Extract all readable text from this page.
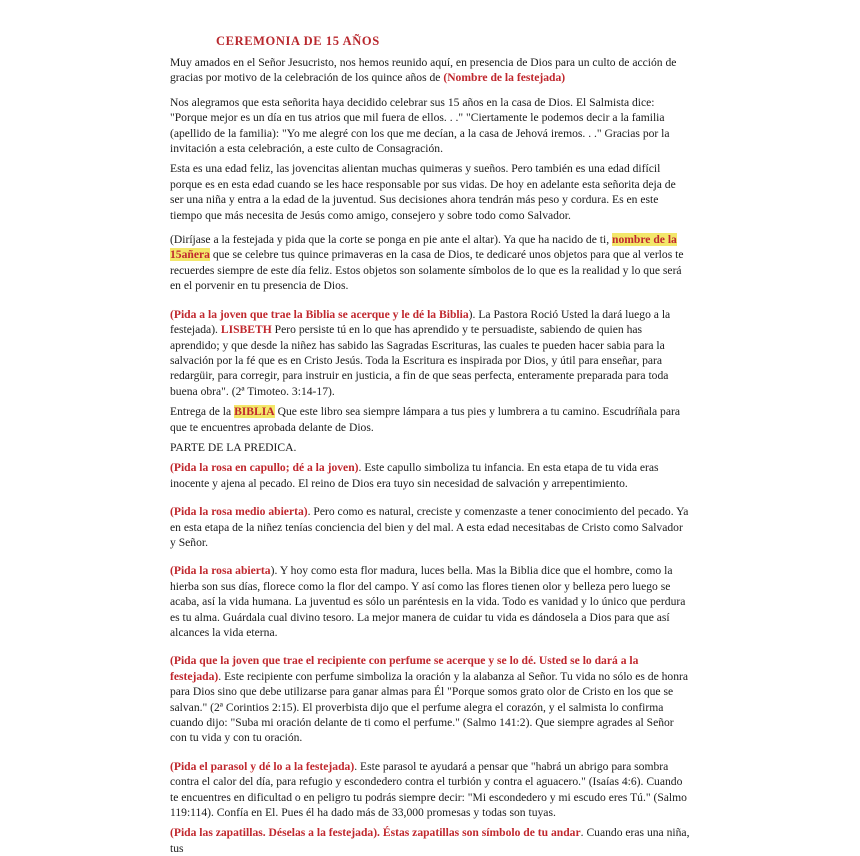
CEREMONIA DE 15 AÑOS

Muy amados en el Señor Jesucristo, nos hemos reunido aquí, en presencia de Dios para un culto de acción de gracias por motivo de la celebración de los quince años de (Nombre de la festejada)

Nos alegramos que esta señorita haya decidido celebrar sus 15 años en la casa de Dios. El Salmista dice: "Porque mejor es un día en tus atrios que mil fuera de ellos. . ." "Ciertamente le podemos decir a la familia (apellido de la familia): "Yo me alegré con los que me decían, a la casa de Jehová iremos. . ." Gracias por la invitación a esta celebración, a este culto de Consagración.

Esta es una edad feliz, las jovencitas alientan muchas quimeras y sueños. Pero también es una edad difícil porque es en esta edad cuando se les hace responsable por sus vidas. De hoy en adelante esta señorita deja de ser una niña y entra a la edad de la juventud. Sus decisiones ahora tendrán más peso y cordura. Es en este tiempo que más necesita de Jesús como amigo, consejero y sobre todo como Salvador.

(Diríjase a la festejada y pida que la corte se ponga en pie ante el altar). Ya que ha nacido de ti, nombre de la 15añera que se celebre tus quince primaveras en la casa de Dios, te dedicaré unos objetos para que al verlos te recuerdes siempre de este día feliz. Estos objetos son solamente símbolos de lo que es la realidad y lo que será en el porvenir en tu presencia de Dios.

(Pida a la joven que trae la Biblia se acerque y le dé la Biblia). La Pastora Roció Usted la dará luego a la festejada). LISBETH Pero persiste tú en lo que has aprendido y te persuadiste, sabiendo de quien has aprendido; y que desde la niñez has sabido las Sagradas Escrituras, las cuales te pueden hacer sabia para la salvación por la fé que es en Cristo Jesús. Toda la Escritura es inspirada por Dios, y útil para enseñar, para redargüir, para corregir, para instruir en justicia, a fin de que seas perfecta, enteramente preparada para toda buena obra". (2ª Timoteo. 3:14-17).

Entrega de la BIBLIA Que este libro sea siempre lámpara a tus pies y lumbrera a tu camino. Escudríñala para que te encuentres aprobada delante de Dios.

PARTE DE LA PREDICA.

(Pida la rosa en capullo; dé a la joven). Este capullo simboliza tu infancia. En esta etapa de tu vida eras inocente y ajena al pecado. El reino de Dios era tuyo sin necesidad de salvación y arrepentimiento.

(Pida la rosa medio abierta). Pero como es natural, creciste y comenzaste a tener conocimiento del pecado. Ya en esta etapa de la niñez tenías conciencia del bien y del mal. A esta edad necesitabas de Cristo como Salvador y Señor.

(Pida la rosa abierta). Y hoy como esta flor madura, luces bella. Mas la Biblia dice que el hombre, como la hierba son sus días, florece como la flor del campo. Y así como las flores tienen olor y belleza pero luego se acaba, así la vida humana. La juventud es sólo un paréntesis en la vida. Todo es vanidad y lo único que perdura es tu alma. Guárdala cual divino tesoro. La mejor manera de cuidar tu vida es dándosela a Dios para que así alcances la vida eterna.

(Pida que la joven que trae el recipiente con perfume se acerque y se lo dé. Usted se lo dará a la festejada). Este recipiente con perfume simboliza la oración y la alabanza al Señor. Tu vida no sólo es de honra para Dios sino que debe utilizarse para ganar almas para Él "Porque somos grato olor de Cristo en los que se salvan." (2ª Corintios 2:15). El proverbista dijo que el perfume alegra el corazón, y el salmista lo confirma cuando dijo: "Suba mi oración delante de ti como el perfume." (Salmo 141:2). Que siempre agrades al Señor con tu vida y con tu oración.

(Pida el parasol y dé lo a la festejada). Este parasol te ayudará a pensar que "habrá un abrigo para sombra contra el calor del día, para refugio y escondedero contra el turbión y contra el aguacero." (Isaías 4:6). Cuando te encuentres en dificultad o en peligro tu podrás siempre decir: "Mi escondedero y mi escudo eres Tú." (Salmo 119:114). Confía en El. Pues él ha dado más de 33,000 promesas y todas son tuyas.

(Pida las zapatillas. Déselas a la festejada). Éstas zapatillas son símbolo de tu andar. Cuando eras una niña, tus
